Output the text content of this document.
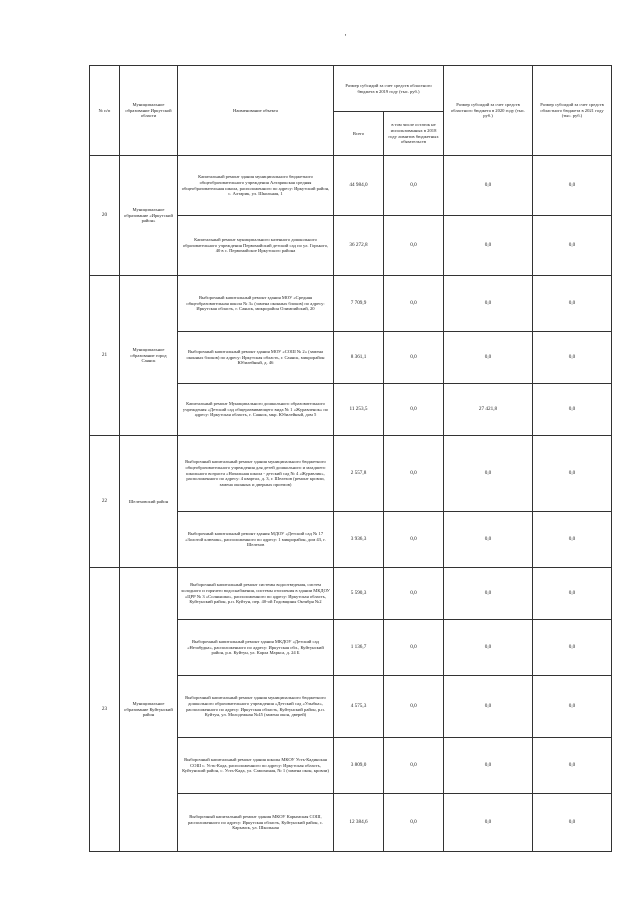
·
№ п/п	Муниципальное образование Иркутской области	Наименование объекта	Размер субсидий за счет средств областного бюджета в 2019 году (тыс. руб.)		Размер субсидий за счет средств областного бюджета в 2020 году (тыс. руб.)	Размер субсидий за счет средств областного бюджета в 2021 году (тыс. руб.)
			Всего	в том числе остаток не использованных в 2018 году лимитов бюджетных обязательств		
20	Муниципальное образование «Иркутский район»	Капитальный ремонт здания муниципального бюджетного общеобразовательного учреждения Алтарикская средняя общеобразовательная школа, расположенного по адресу: Иркутский район, с. Алтарик, ул. Школьная, 1	44 984,0	0,0	0,0	0,0
		Капитальный ремонт муниципального казенного дошкольного образовательного учреждения Первомайский детский сад по ул. Горького, 40 в с. Первомайское Иркутского района	36 272,8	0,0	0,0	0,0
21	Муниципальное образование город Саянск	Выборочный капитальный ремонт здания МОУ «Средняя общеобразовательная школа № 3» (замена оконных блоков) по адресу: Иркутская область, г. Саянск, микрорайон Олимпийский, 20	7 709,9	0,0	0,0	0,0
		Выборочный капитальный ремонт здания МОУ «СОШ № 2» (замена оконных блоков) по адресу: Иркутская область, г. Саянск, микрорайон Юбилейный, д. 46	8 361,1	0,0	0,0	0,0
		Капитальный ремонт Муниципального дошкольного образовательного учреждения «Детский сад общеразвивающего вида № 1 «Журавленок» по адресу: Иркутская область, г. Саянск, мкр. Юбилейный, дом 5	11 253,5	0,0	27 421,8	0,0
22	Шелеховский район	Выборочный капитальный ремонт здания муниципального бюджетного общеобразовательного учреждения для детей дошкольного и младшего школьного возраста «Начальная школа - детский сад № 4 «Журавлик», расположенного по адресу: 4 квартал, д. 3, г. Шелехов (ремонт кровли, замена оконных и дверных проемов)	2 557,8	0,0	0,0	0,0
		Выборочный капитальный ремонт здания МДОУ «Детский сад № 17 «Золотой ключик», расположенного по адресу: 1 микрорайон, дом 43, г. Шелехов	3 936,3	0,0	0,0	0,0
23	Муниципальное образование Куйтунский район	Выборочный капитальный ремонт системы водоотведения, систем холодного и горячего водоснабжения, системы отопления в здании МКДОУ «ЦРР № 3 «Солнышко», расположенного по адресу: Иркутская область, Куйтунский район, р.п. Куйтун, пер. 40-ой Годовщины Октября №2	5 590,3	0,0	0,0	0,0
		Выборочный капитальный ремонт здания МКДОУ «Детский сад «Незабудка», расположенного по адресу: Иркутская обл., Куйтунский район, р.п. Куйтун, ул. Карла Маркса, д. 24 Б	1 136,7	0,0	0,0	0,0
		Выборочный капитальный ремонт здания муниципального бюджетного дошкольного образовательного учреждения «Детский сад «Улыбка», расположенного по адресу: Иркутская область, Куйтунский район, р.п. Куйтун, ул. Молодежная №45 (замена окон, дверей)	4 575,3	0,0	0,0	0,0
		Выборочный капитальный ремонт здания школы МКОУ Усть-Кадинская СОШ с. Усть-Када, расположенного по адресу: Иркутская область, Куйтунский район, с. Усть-Када, ул. Самохиная, № 1 (замена окон, кровли)	3 809,0	0,0	0,0	0,0
		Выборочный капитальный ремонт здания МКОУ Карымская СОШ, расположенного по адресу: Иркутская область, Куйтунский район, с. Карымск, ул. Школьная	12 384,6	0,0	0,0	0,0
